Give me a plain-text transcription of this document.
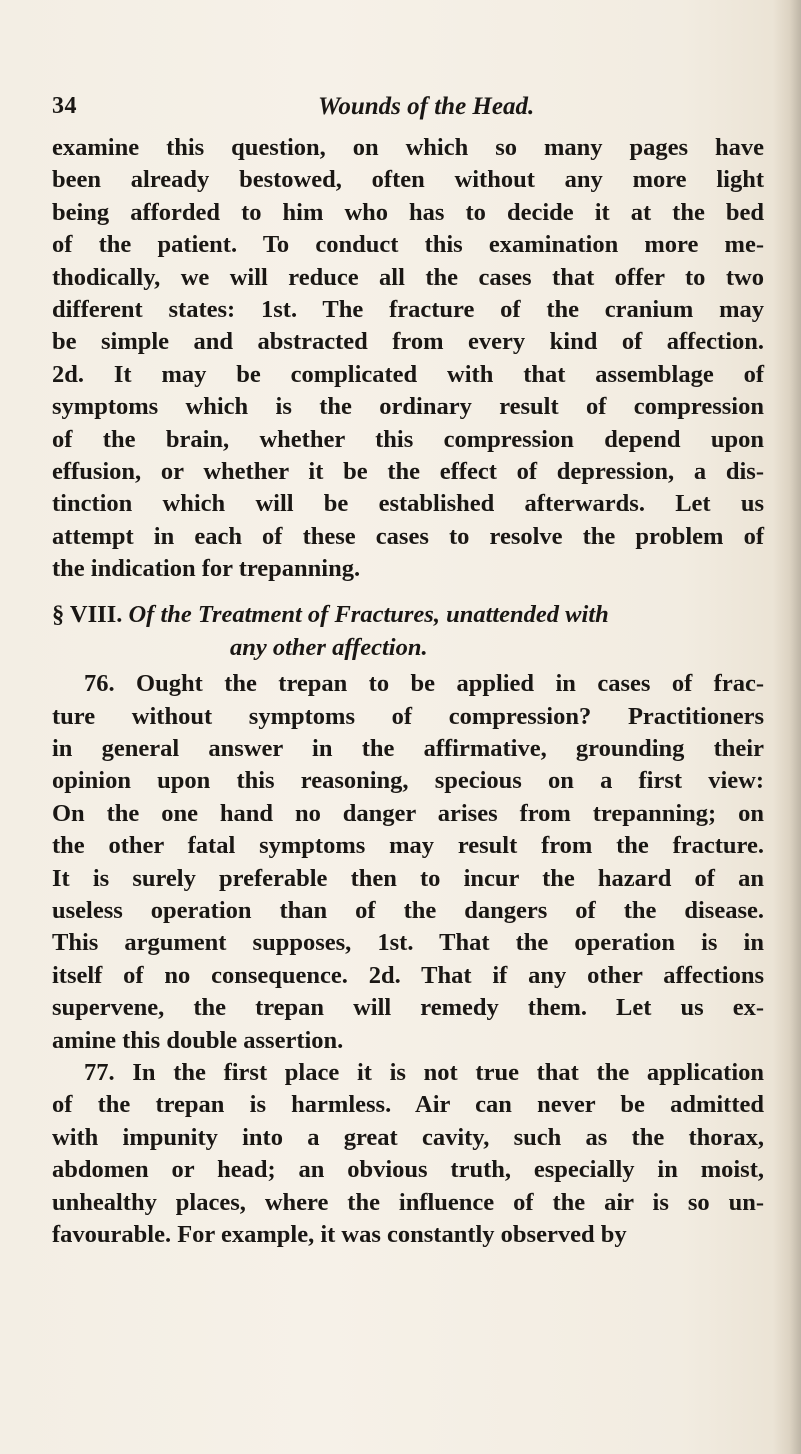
34	Wounds of the Head.
examine this question, on which so many pages have
been already bestowed, often without any more light
being afforded to him who has to decide it at the bed
of the patient. To conduct this examination more me-
thodically, we will reduce all the cases that offer to two
different states: 1st. The fracture of the cranium may
be simple and abstracted from every kind of affection.
2d. It may be complicated with that assemblage of
symptoms which is the ordinary result of compression
of the brain, whether this compression depend upon
effusion, or whether it be the effect of depression, a dis-
tinction which will be established afterwards. Let us
attempt in each of these cases to resolve the problem of
the indication for trepanning.
§ VIII. Of the Treatment of Fractures, unattended with
any other affection.
76. Ought the trepan to be applied in cases of frac-
ture without symptoms of compression? Practitioners
in general answer in the affirmative, grounding their
opinion upon this reasoning, specious on a first view:
On the one hand no danger arises from trepanning; on
the other fatal symptoms may result from the fracture.
It is surely preferable then to incur the hazard of an
useless operation than of the dangers of the disease.
This argument supposes, 1st. That the operation is in
itself of no consequence. 2d. That if any other affections
supervene, the trepan will remedy them. Let us ex-
amine this double assertion.
77. In the first place it is not true that the application
of the trepan is harmless. Air can never be admitted
with impunity into a great cavity, such as the thorax,
abdomen or head; an obvious truth, especially in moist,
unhealthy places, where the influence of the air is so un-
favourable. For example, it was constantly observed by
